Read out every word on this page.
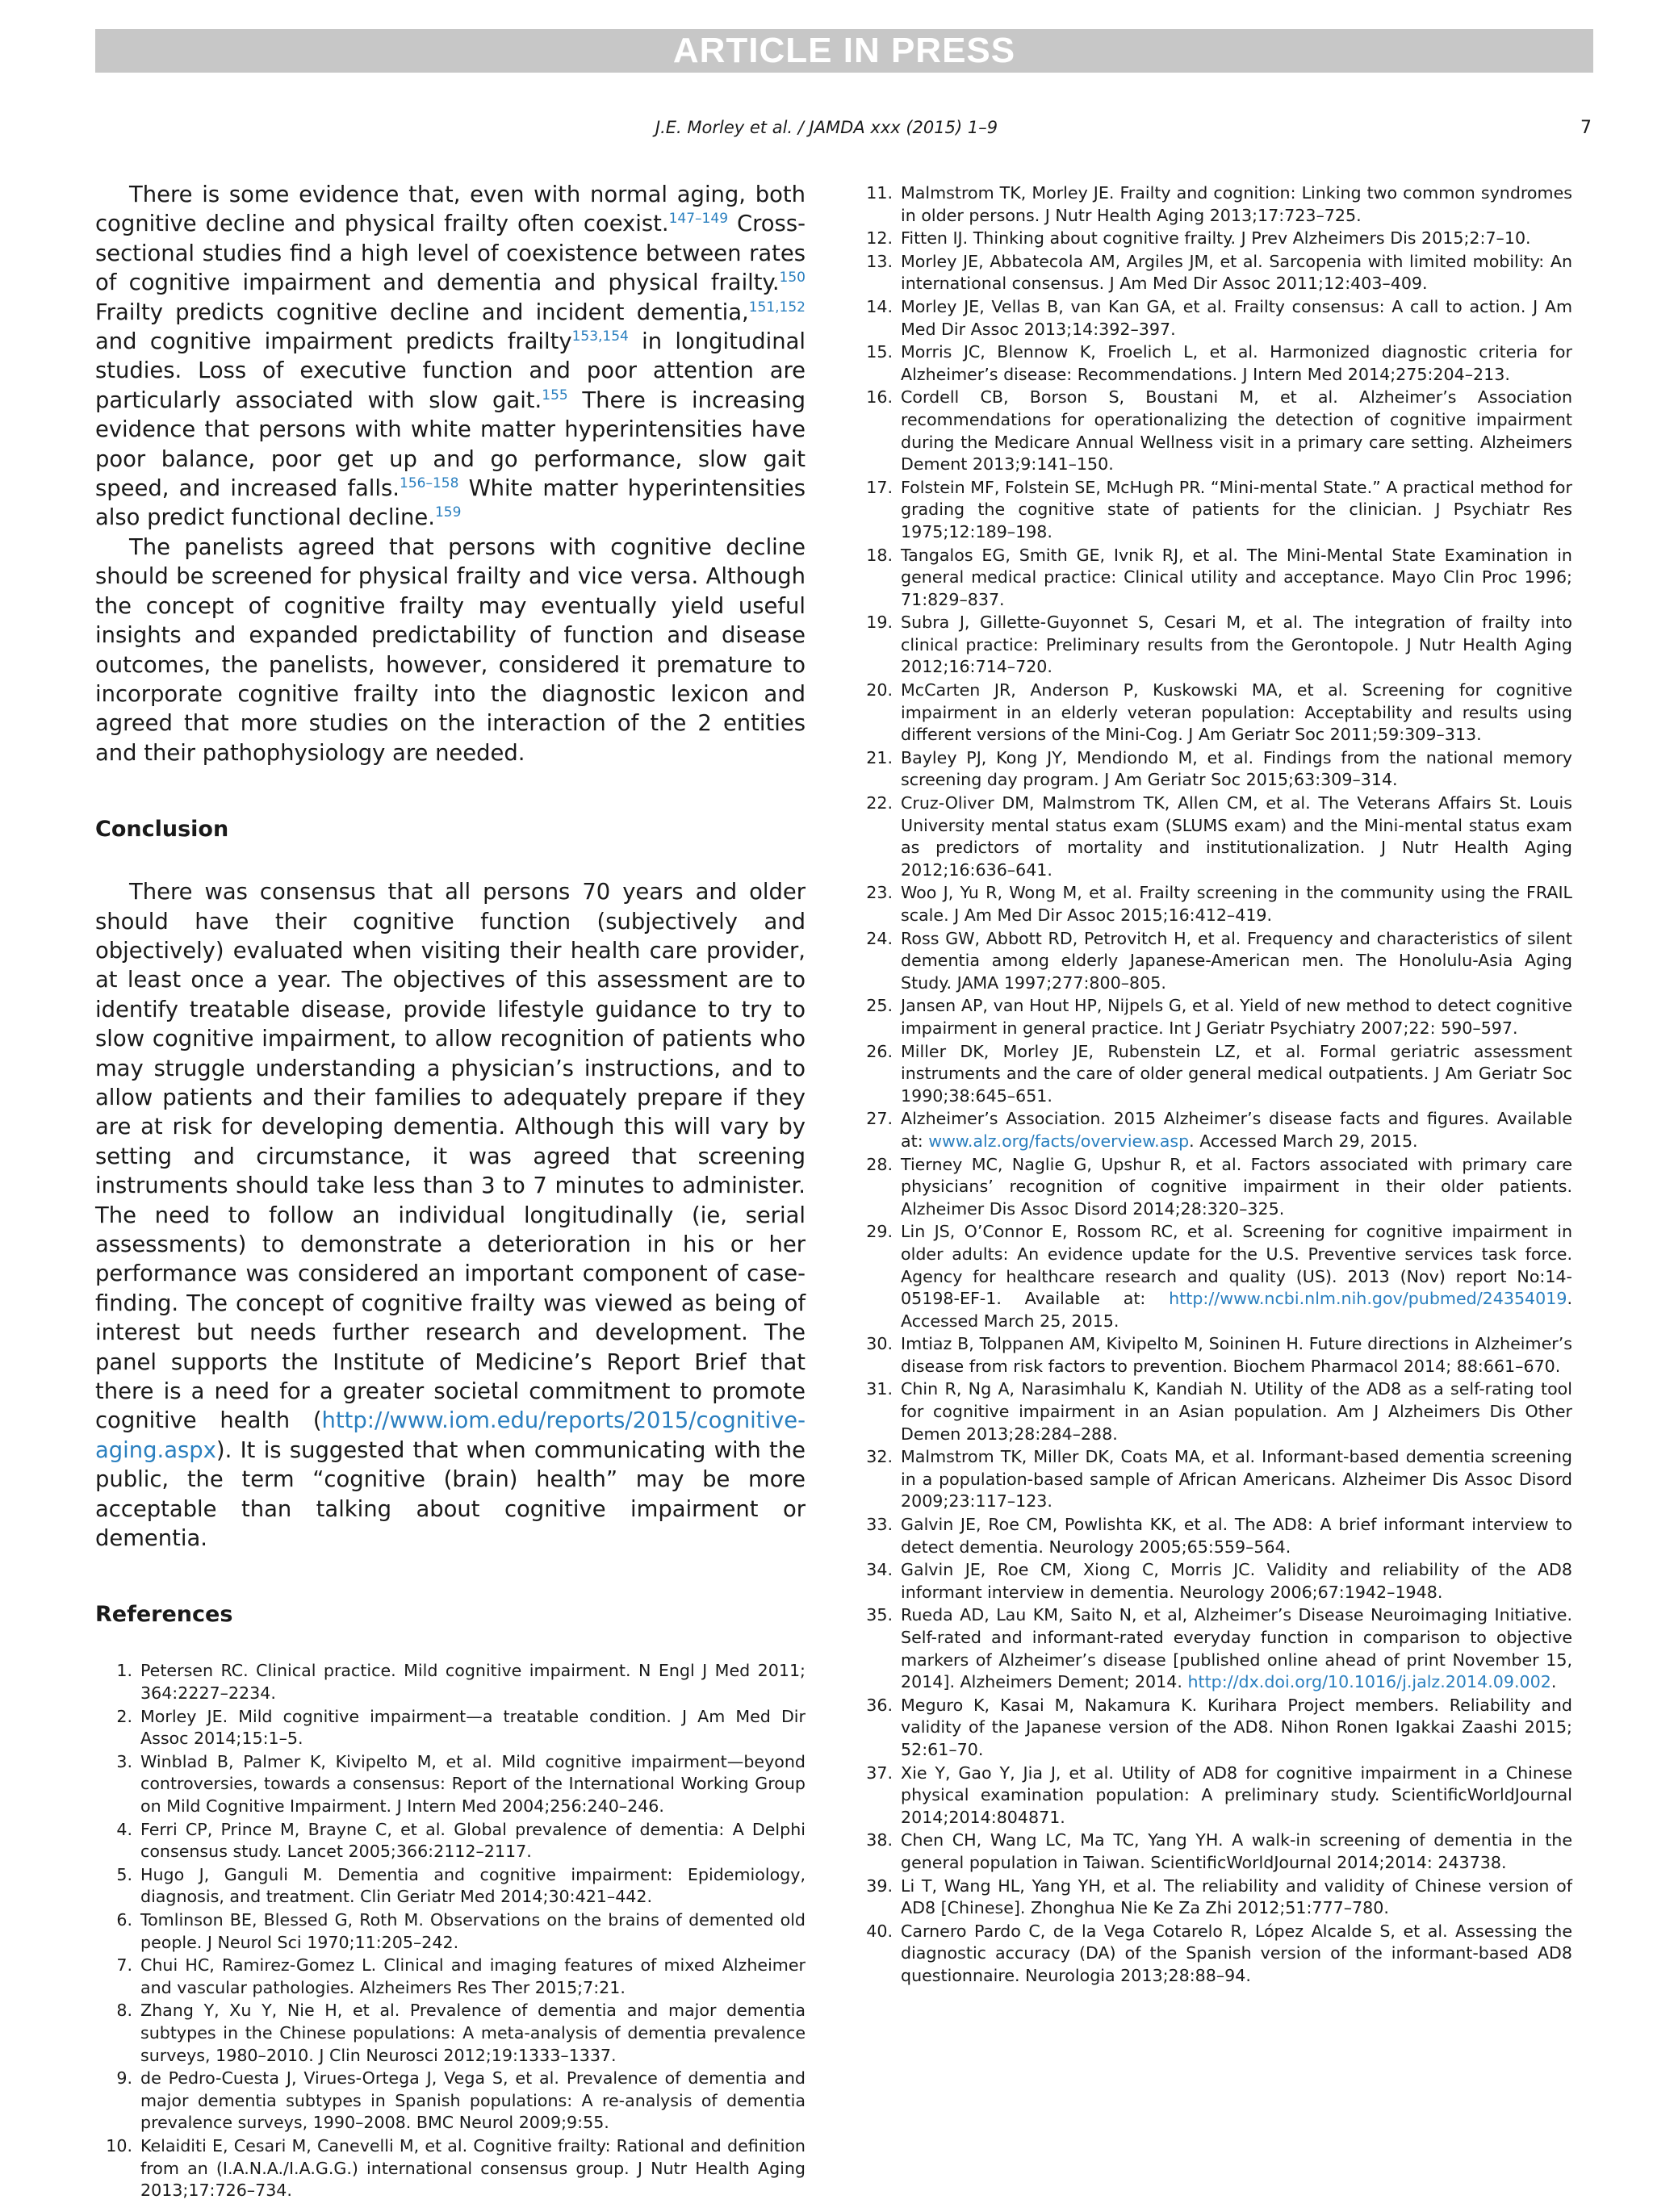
ARTICLE IN PRESS
J.E. Morley et al. / JAMDA xxx (2015) 1–9	7

There is some evidence that, even with normal aging, both cognitive decline and physical frailty often coexist.$^{147-149}$ Cross-sectional studies find a high level of coexistence between rates of cognitive impairment and dementia and physical frailty.$^{150}$ Frailty predicts cognitive decline and incident dementia,$^{151,152}$ and cognitive impairment predicts frailty$^{153,154}$ in longitudinal studies. Loss of executive function and poor attention are particularly associated with slow gait.$^{155}$ There is increasing evidence that persons with white matter hyperintensities have poor balance, poor get up and go performance, slow gait speed, and increased falls.$^{156-158}$ White matter hyperintensities also predict functional decline.$^{159}$

The panelists agreed that persons with cognitive decline should be screened for physical frailty and vice versa. Although the concept of cognitive frailty may eventually yield useful insights and expanded predictability of function and disease outcomes, the panelists, however, considered it premature to incorporate cognitive frailty into the diagnostic lexicon and agreed that more studies on the interaction of the 2 entities and their pathophysiology are needed.

Conclusion

There was consensus that all persons 70 years and older should have their cognitive function (subjectively and objectively) evaluated when visiting their health care provider, at least once a year. The objectives of this assessment are to identify treatable disease, provide lifestyle guidance to try to slow cognitive impairment, to allow recognition of patients who may struggle understanding a physician’s instructions, and to allow patients and their families to adequately prepare if they are at risk for developing dementia. Although this will vary by setting and circumstance, it was agreed that screening instruments should take less than 3 to 7 minutes to administer. The need to follow an individual longitudinally (ie, serial assessments) to demonstrate a deterioration in his or her performance was considered an important component of case-finding. The concept of cognitive frailty was viewed as being of interest but needs further research and development. The panel supports the Institute of Medicine’s Report Brief that there is a need for a greater societal commitment to promote cognitive health (http://www.iom.edu/reports/2015/cognitive-aging.aspx). It is suggested that when communicating with the public, the term “cognitive (brain) health” may be more acceptable than talking about cognitive impairment or dementia.

References
1. Petersen RC. Clinical practice. Mild cognitive impairment. N Engl J Med 2011; 364:2227–2234.
2. Morley JE. Mild cognitive impairment—a treatable condition. J Am Med Dir Assoc 2014;15:1–5.
3. Winblad B, Palmer K, Kivipelto M, et al. Mild cognitive impairment—beyond controversies, towards a consensus: Report of the International Working Group on Mild Cognitive Impairment. J Intern Med 2004;256:240–246.
4. Ferri CP, Prince M, Brayne C, et al. Global prevalence of dementia: A Delphi consensus study. Lancet 2005;366:2112–2117.
5. Hugo J, Ganguli M. Dementia and cognitive impairment: Epidemiology, diagnosis, and treatment. Clin Geriatr Med 2014;30:421–442.
6. Tomlinson BE, Blessed G, Roth M. Observations on the brains of demented old people. J Neurol Sci 1970;11:205–242.
7. Chui HC, Ramirez-Gomez L. Clinical and imaging features of mixed Alzheimer and vascular pathologies. Alzheimers Res Ther 2015;7:21.
8. Zhang Y, Xu Y, Nie H, et al. Prevalence of dementia and major dementia subtypes in the Chinese populations: A meta-analysis of dementia prevalence surveys, 1980–2010. J Clin Neurosci 2012;19:1333–1337.
9. de Pedro-Cuesta J, Virues-Ortega J, Vega S, et al. Prevalence of dementia and major dementia subtypes in Spanish populations: A re-analysis of dementia prevalence surveys, 1990–2008. BMC Neurol 2009;9:55.
10. Kelaiditi E, Cesari M, Canevelli M, et al. Cognitive frailty: Rational and definition from an (I.A.N.A./I.A.G.G.) international consensus group. J Nutr Health Aging 2013;17:726–734.
11. Malmstrom TK, Morley JE. Frailty and cognition: Linking two common syndromes in older persons. J Nutr Health Aging 2013;17:723–725.
12. Fitten IJ. Thinking about cognitive frailty. J Prev Alzheimers Dis 2015;2:7–10.
13. Morley JE, Abbatecola AM, Argiles JM, et al. Sarcopenia with limited mobility: An international consensus. J Am Med Dir Assoc 2011;12:403–409.
14. Morley JE, Vellas B, van Kan GA, et al. Frailty consensus: A call to action. J Am Med Dir Assoc 2013;14:392–397.
15. Morris JC, Blennow K, Froelich L, et al. Harmonized diagnostic criteria for Alzheimer’s disease: Recommendations. J Intern Med 2014;275:204–213.
16. Cordell CB, Borson S, Boustani M, et al. Alzheimer’s Association recommendations for operationalizing the detection of cognitive impairment during the Medicare Annual Wellness visit in a primary care setting. Alzheimers Dement 2013;9:141–150.
17. Folstein MF, Folstein SE, McHugh PR. “Mini-mental State.” A practical method for grading the cognitive state of patients for the clinician. J Psychiatr Res 1975;12:189–198.
18. Tangalos EG, Smith GE, Ivnik RJ, et al. The Mini-Mental State Examination in general medical practice: Clinical utility and acceptance. Mayo Clin Proc 1996; 71:829–837.
19. Subra J, Gillette-Guyonnet S, Cesari M, et al. The integration of frailty into clinical practice: Preliminary results from the Gerontopole. J Nutr Health Aging 2012;16:714–720.
20. McCarten JR, Anderson P, Kuskowski MA, et al. Screening for cognitive impairment in an elderly veteran population: Acceptability and results using different versions of the Mini-Cog. J Am Geriatr Soc 2011;59:309–313.
21. Bayley PJ, Kong JY, Mendiondo M, et al. Findings from the national memory screening day program. J Am Geriatr Soc 2015;63:309–314.
22. Cruz-Oliver DM, Malmstrom TK, Allen CM, et al. The Veterans Affairs St. Louis University mental status exam (SLUMS exam) and the Mini-mental status exam as predictors of mortality and institutionalization. J Nutr Health Aging 2012;16:636–641.
23. Woo J, Yu R, Wong M, et al. Frailty screening in the community using the FRAIL scale. J Am Med Dir Assoc 2015;16:412–419.
24. Ross GW, Abbott RD, Petrovitch H, et al. Frequency and characteristics of silent dementia among elderly Japanese-American men. The Honolulu-Asia Aging Study. JAMA 1997;277:800–805.
25. Jansen AP, van Hout HP, Nijpels G, et al. Yield of new method to detect cognitive impairment in general practice. Int J Geriatr Psychiatry 2007;22: 590–597.
26. Miller DK, Morley JE, Rubenstein LZ, et al. Formal geriatric assessment instruments and the care of older general medical outpatients. J Am Geriatr Soc 1990;38:645–651.
27. Alzheimer’s Association. 2015 Alzheimer’s disease facts and figures. Available at: www.alz.org/facts/overview.asp. Accessed March 29, 2015.
28. Tierney MC, Naglie G, Upshur R, et al. Factors associated with primary care physicians’ recognition of cognitive impairment in their older patients. Alzheimer Dis Assoc Disord 2014;28:320–325.
29. Lin JS, O’Connor E, Rossom RC, et al. Screening for cognitive impairment in older adults: An evidence update for the U.S. Preventive services task force. Agency for healthcare research and quality (US). 2013 (Nov) report No:14-05198-EF-1. Available at: http://www.ncbi.nlm.nih.gov/pubmed/24354019. Accessed March 25, 2015.
30. Imtiaz B, Tolppanen AM, Kivipelto M, Soininen H. Future directions in Alzheimer’s disease from risk factors to prevention. Biochem Pharmacol 2014; 88:661–670.
31. Chin R, Ng A, Narasimhalu K, Kandiah N. Utility of the AD8 as a self-rating tool for cognitive impairment in an Asian population. Am J Alzheimers Dis Other Demen 2013;28:284–288.
32. Malmstrom TK, Miller DK, Coats MA, et al. Informant-based dementia screening in a population-based sample of African Americans. Alzheimer Dis Assoc Disord 2009;23:117–123.
33. Galvin JE, Roe CM, Powlishta KK, et al. The AD8: A brief informant interview to detect dementia. Neurology 2005;65:559–564.
34. Galvin JE, Roe CM, Xiong C, Morris JC. Validity and reliability of the AD8 informant interview in dementia. Neurology 2006;67:1942–1948.
35. Rueda AD, Lau KM, Saito N, et al, Alzheimer’s Disease Neuroimaging Initiative. Self-rated and informant-rated everyday function in comparison to objective markers of Alzheimer’s disease [published online ahead of print November 15, 2014]. Alzheimers Dement; 2014. http://dx.doi.org/10.1016/j.jalz.2014.09.002.
36. Meguro K, Kasai M, Nakamura K. Kurihara Project members. Reliability and validity of the Japanese version of the AD8. Nihon Ronen Igakkai Zaashi 2015; 52:61–70.
37. Xie Y, Gao Y, Jia J, et al. Utility of AD8 for cognitive impairment in a Chinese physical examination population: A preliminary study. ScientificWorldJournal 2014;2014:804871.
38. Chen CH, Wang LC, Ma TC, Yang YH. A walk-in screening of dementia in the general population in Taiwan. ScientificWorldJournal 2014;2014: 243738.
39. Li T, Wang HL, Yang YH, et al. The reliability and validity of Chinese version of AD8 [Chinese]. Zhonghua Nie Ke Za Zhi 2012;51:777–780.
40. Carnero Pardo C, de la Vega Cotarelo R, López Alcalde S, et al. Assessing the diagnostic accuracy (DA) of the Spanish version of the informant-based AD8 questionnaire. Neurologia 2013;28:88–94.
